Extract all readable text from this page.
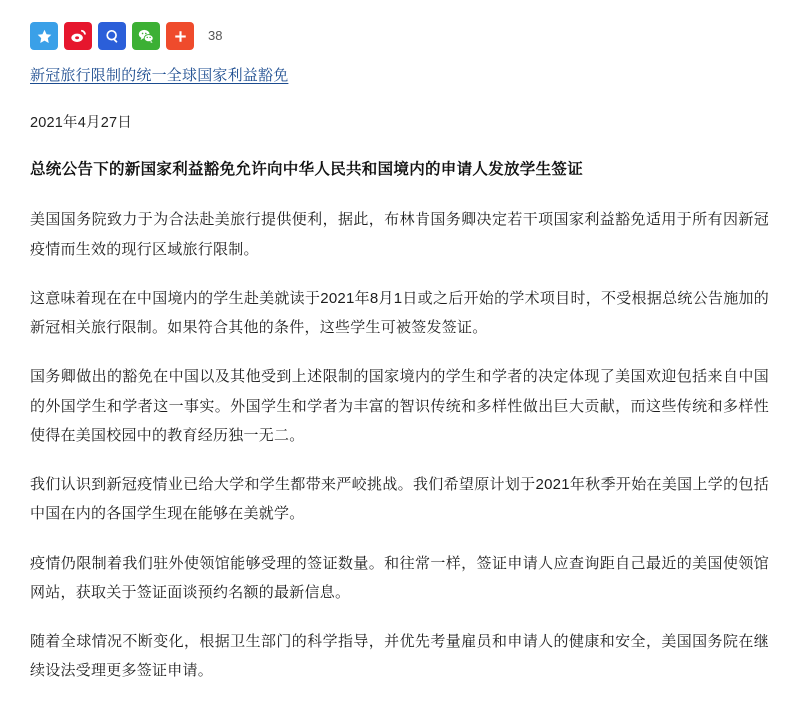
38
新冠旅行限制的统一全球国家利益豁免
2021年4月27日
总统公告下的新国家利益豁免允许向中华人民共和国境内的申请人发放学生签证

美国国务院致力于为合法赴美旅行提供便利，据此，布林肯国务卿决定若干项国家利益豁免适用于所有因新冠疫情而生效的现行区域旅行限制。

这意味着现在在中国境内的学生赴美就读于2021年8月1日或之后开始的学术项目时，不受根据总统公告施加的新冠相关旅行限制。如果符合其他的条件，这些学生可被签发签证。

国务卿做出的豁免在中国以及其他受到上述限制的国家境内的学生和学者的决定体现了美国欢迎包括来自中国的外国学生和学者这一事实。外国学生和学者为丰富的智识传统和多样性做出巨大贡献，而这些传统和多样性使得在美国校园中的教育经历独一无二。

我们认识到新冠疫情业已给大学和学生都带来严峧挑战。我们希望原计划于2021年秋季开始在美国上学的包括中国在内的各国学生现在能够在美就学。

疫情仍限制着我们驻外使领馆能够受理的签证数量。和往常一样，签证申请人应查询距自己最近的美国使领馆网站，获取关于签证面谈预约名额的最新信息。

随着全球情况不断变化，根据卫生部门的科学指导，并优先考量雇员和申请人的健康和安全，美国国务院在继续设法受理更多签证申请。
